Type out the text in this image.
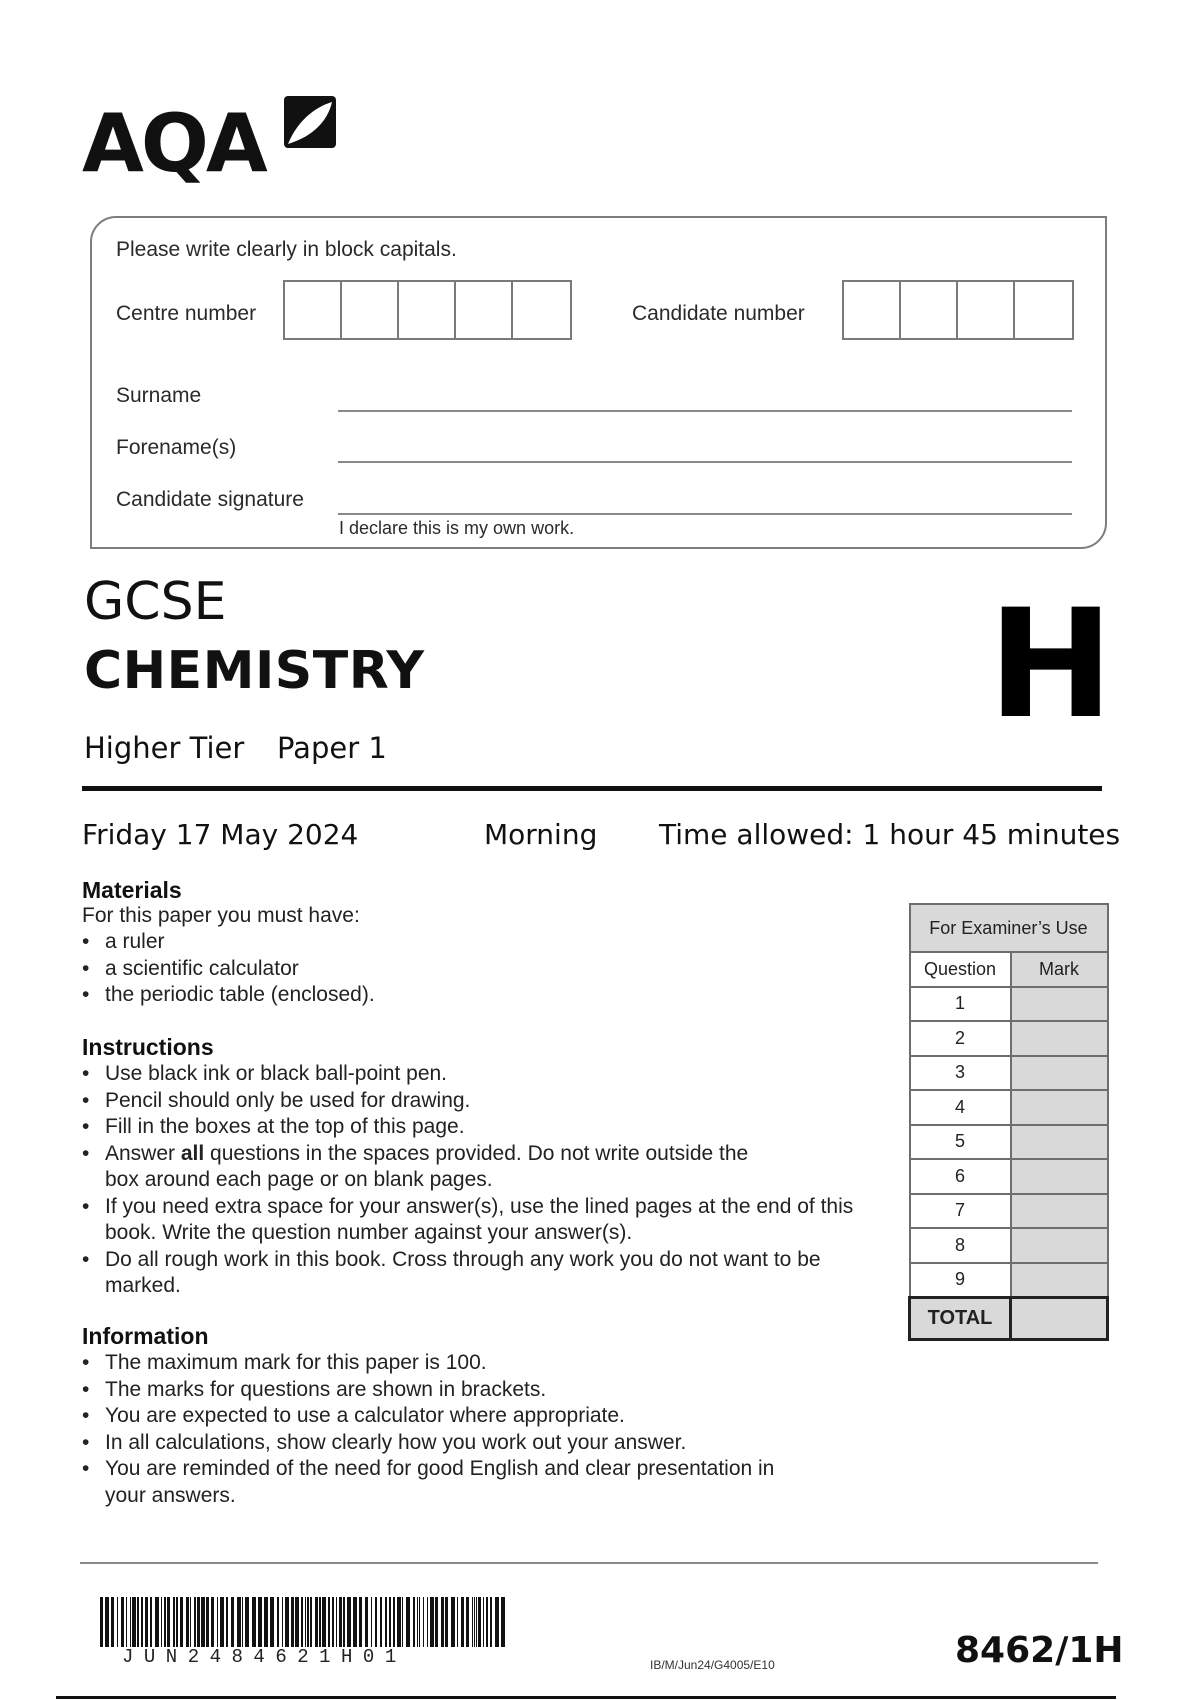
AQA
Please write clearly in block capitals.
Centre number	Candidate number
Surname
Forename(s)
Candidate signature
I declare this is my own work.
GCSE
CHEMISTRY
Higher Tier Paper 1	H
Friday 17 May 2024	Morning Time allowed: 1 hour 45 minutes
Materials
For this paper you must have:
• a ruler
• a scientific calculator
• the periodic table (enclosed).
Instructions
• Use black ink or black ball-point pen.
• Pencil should only be used for drawing.
• Fill in the boxes at the top of this page.
• Answer all questions in the spaces provided. Do not write outside the box around each page or on blank pages.
• If you need extra space for your answer(s), use the lined pages at the end of this book. Write the question number against your answer(s).
• Do all rough work in this book. Cross through any work you do not want to be marked.
Information
• The maximum mark for this paper is 100.
• The marks for questions are shown in brackets.
• You are expected to use a calculator where appropriate.
• In all calculations, show clearly how you work out your answer.
• You are reminded of the need for good English and clear presentation in your answers.
For Examiner’s Use	
Question	Mark
1	
2	
3	
4	
5	
6	
7	
8	
9	
TOTAL	
JUN2484621H01	IB/M/Jun24/G4005/E10	8462/1H
